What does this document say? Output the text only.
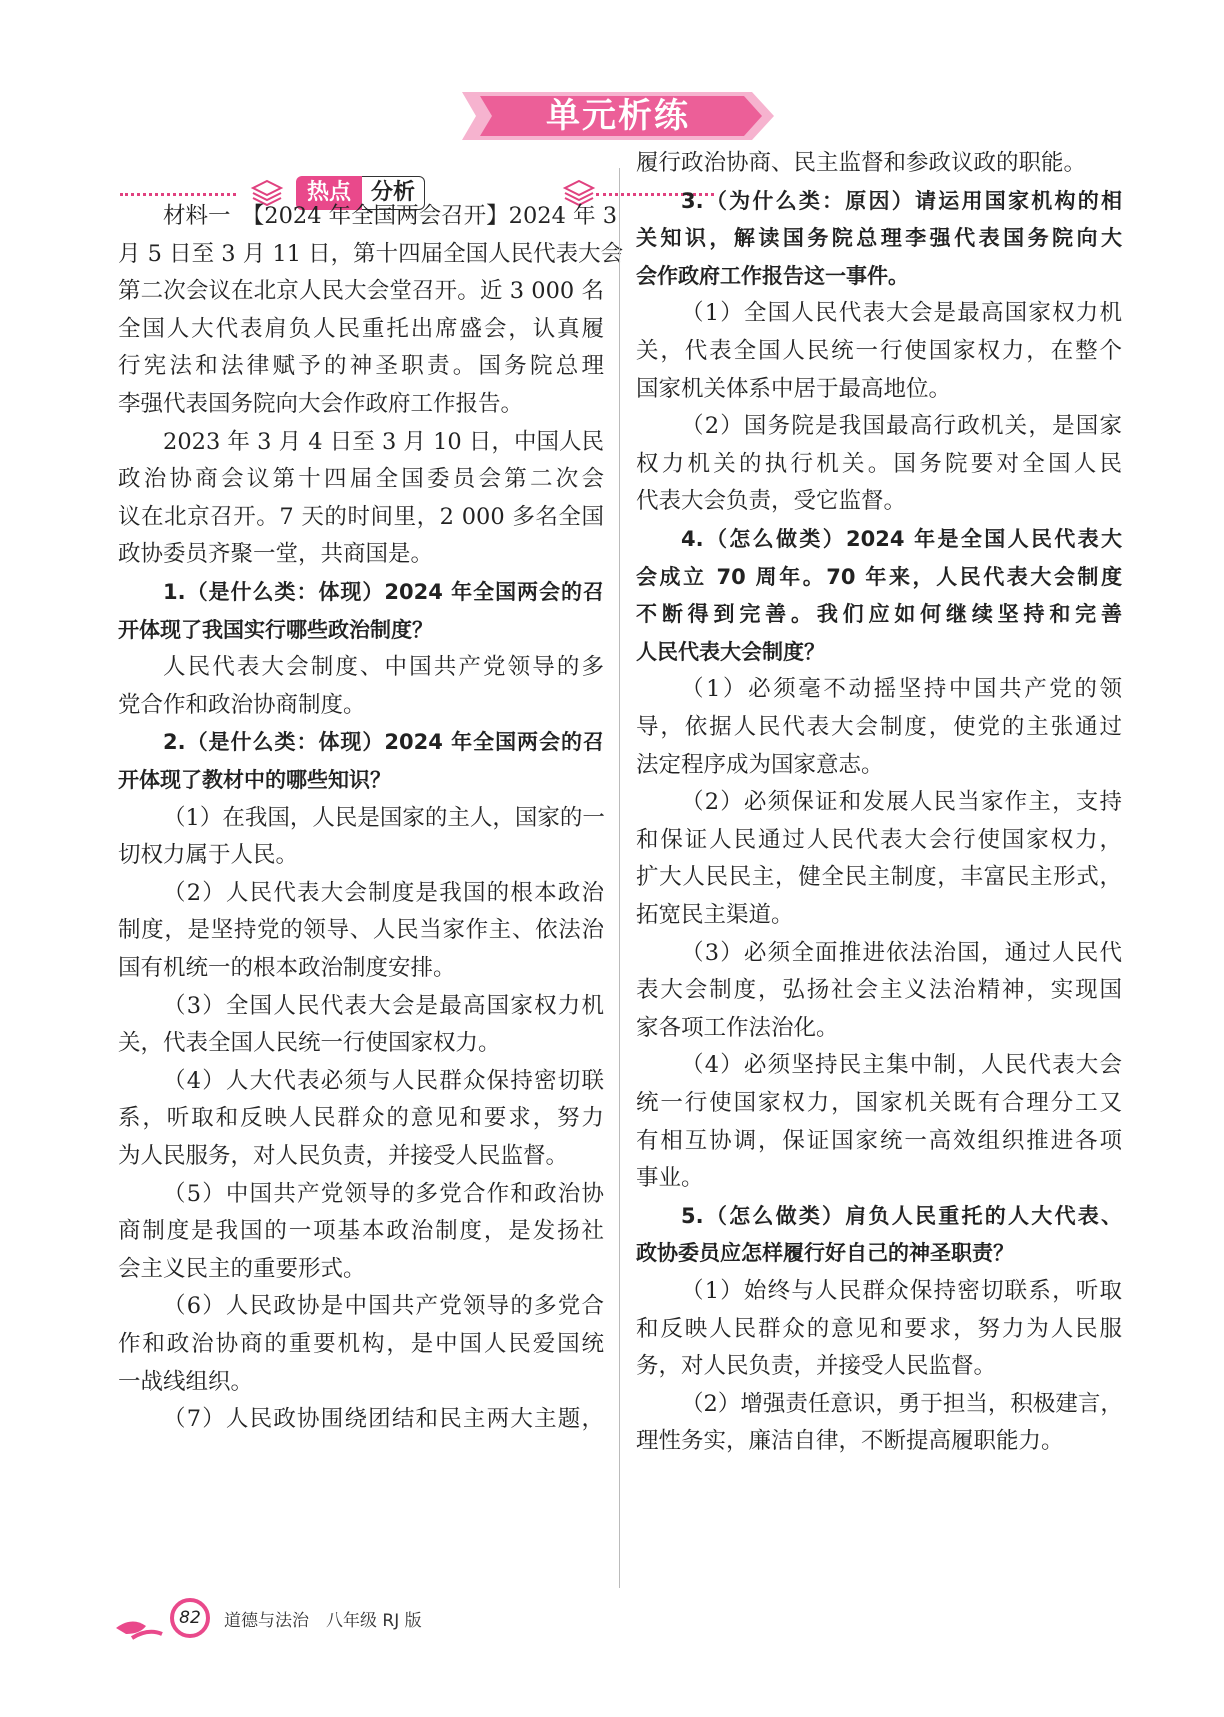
单元析练
热点 分析
材料一　【2024 年全国两会召开】2024 年 3
月 5 日至 3 月 11 日，第十四届全国人民代表大会
第二次会议在北京人民大会堂召开。近 3 000 名
全国人大代表肩负人民重托出席盛会，认真履
行宪法和法律赋予的神圣职责。国务院总理
李强代表国务院向大会作政府工作报告。
2023 年 3 月 4 日至 3 月 10 日，中国人民
政治协商会议第十四届全国委员会第二次会
议在北京召开。7 天的时间里，2 000 多名全国
政协委员齐聚一堂，共商国是。
1.（是什么类：体现）2024 年全国两会的召
开体现了我国实行哪些政治制度？
人民代表大会制度、中国共产党领导的多
党合作和政治协商制度。
2.（是什么类：体现）2024 年全国两会的召
开体现了教材中的哪些知识？
（1）在我国，人民是国家的主人，国家的一
切权力属于人民。
（2）人民代表大会制度是我国的根本政治
制度，是坚持党的领导、人民当家作主、依法治
国有机统一的根本政治制度安排。
（3）全国人民代表大会是最高国家权力机
关，代表全国人民统一行使国家权力。
（4）人大代表必须与人民群众保持密切联
系，听取和反映人民群众的意见和要求，努力
为人民服务，对人民负责，并接受人民监督。
（5）中国共产党领导的多党合作和政治协
商制度是我国的一项基本政治制度，是发扬社
会主义民主的重要形式。
（6）人民政协是中国共产党领导的多党合
作和政治协商的重要机构，是中国人民爱国统
一战线组织。
（7）人民政协围绕团结和民主两大主题，
履行政治协商、民主监督和参政议政的职能。
3.（为什么类：原因）请运用国家机构的相
关知识，解读国务院总理李强代表国务院向大
会作政府工作报告这一事件。
（1）全国人民代表大会是最高国家权力机
关，代表全国人民统一行使国家权力，在整个
国家机关体系中居于最高地位。
（2）国务院是我国最高行政机关，是国家
权力机关的执行机关。国务院要对全国人民
代表大会负责，受它监督。
4.（怎么做类）2024 年是全国人民代表大
会成立 70 周年。70 年来，人民代表大会制度
不断得到完善。我们应如何继续坚持和完善
人民代表大会制度？
（1）必须毫不动摇坚持中国共产党的领
导，依据人民代表大会制度，使党的主张通过
法定程序成为国家意志。
（2）必须保证和发展人民当家作主，支持
和保证人民通过人民代表大会行使国家权力，
扩大人民民主，健全民主制度，丰富民主形式，
拓宽民主渠道。
（3）必须全面推进依法治国，通过人民代
表大会制度，弘扬社会主义法治精神，实现国
家各项工作法治化。
（4）必须坚持民主集中制，人民代表大会
统一行使国家权力，国家机关既有合理分工又
有相互协调，保证国家统一高效组织推进各项
事业。
5.（怎么做类）肩负人民重托的人大代表、
政协委员应怎样履行好自己的神圣职责？
（1）始终与人民群众保持密切联系，听取
和反映人民群众的意见和要求，努力为人民服
务，对人民负责，并接受人民监督。
（2）增强责任意识，勇于担当，积极建言，
理性务实，廉洁自律，不断提高履职能力。
82	道德与法治　八年级 RJ 版
